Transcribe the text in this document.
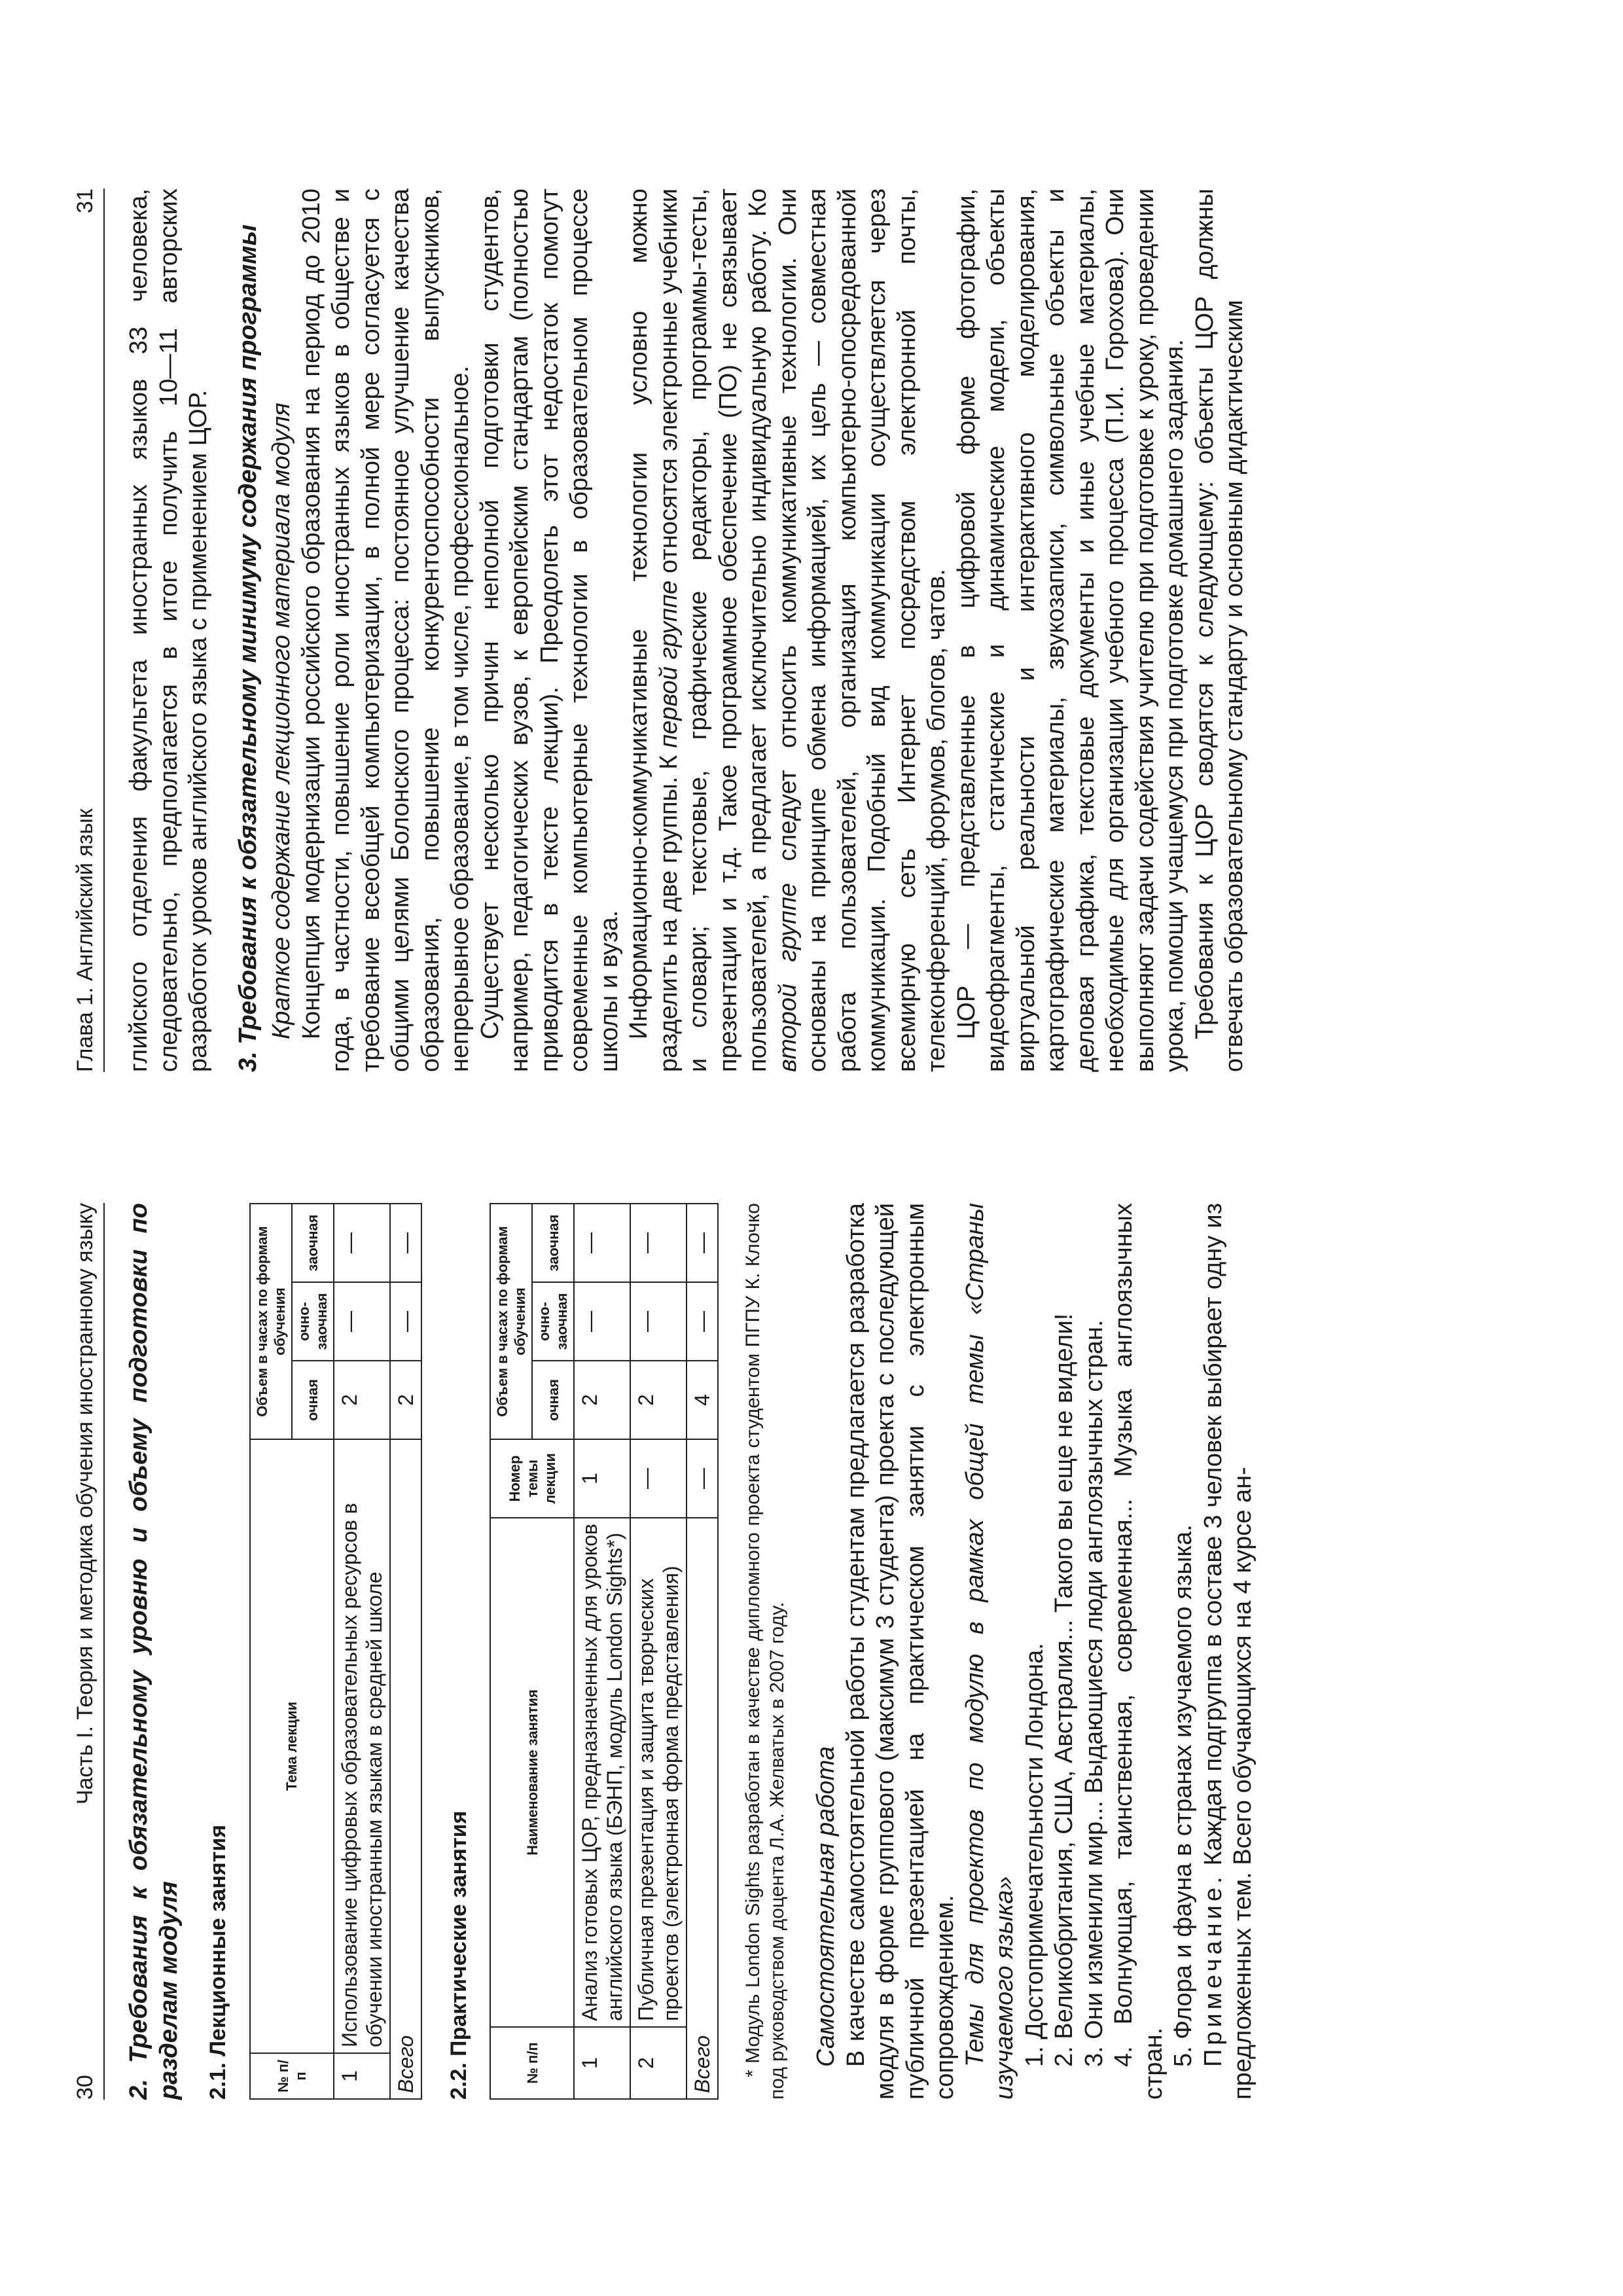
30
Часть I. Теория и методика обучения иностранному языку 2. Требования к обязательному уровню и объему подготовки по разделам модуля 2.1. Лекционные занятия	№ п/п	Тема лекции	Объем в часах по формам обучения		
		очная	очно-заочная	заочная
1	Использование цифровых образовательных ресурсов в обучении иностранным языкам в средней школе	2	—	—
Всего		2	—	—

2.2. Практические занятия	№ п/п	Наименование занятия	Номер темы лекции	Объем в часах по формам обучения		
			очная	очно-заочная	заочная
1	Анализ готовых ЦОР, предназначенных для уроков английского языка (БЭНП, модуль London Sights*)	1	2	—	—
2	Публичная презентация и защита творческих проектов (электронная форма представления)	—	2	—	—
Всего		—	4	—	— * Модуль London Sights разработан в качестве дипломного проекта студентом ПГПУ К. Клочко под руководством доцента Л.А. Желватых в 2007 году. Самостоятельная работа В качестве самостоятельной работы студентам предлагается разработка модуля в форме группового (максимум 3 студента) проекта с последующей публичной презентацией на практическом занятии с электронным сопровождением. Темы для проектов по модулю в рамках общей темы «Страны изучаемого языка» 1. Достопримечательности Лондона. 2. Великобритания, США, Австралия... Такого вы еще не видели! 3. Они изменили мир... Выдающиеся люди англоязычных стран. 4. Волнующая, таинственная, современная... Музыка англоязычных стран. 5. Флора и фауна в странах изучаемого языка. Примечание. Каждая подгруппа в составе 3 человек выбирает одну из предложенных тем. Всего обучающихся на 4 курсе ан-

Глава 1. Английский язык
31 глийского отделения факультета иностранных языков 33 человека, следовательно, предполагается в итоге получить 10—11 авторских разработок уроков английского языка с применением ЦОР. 3. Требования к обязательному минимуму содержания программы Краткое содержание лекционного материала модуля Концепция модернизации российского образования на период до 2010 года, в частности, повышение роли иностранных языков в обществе и требование всеобщей компьютеризации, в полной мере согласуется с общими целями Болонского процесса: постоянное улучшение качества образования, повышение конкурентоспособности выпускников, непрерывное образование, в том числе, профессиональное. Существует несколько причин неполной подготовки студентов, например, педагогических вузов, к европейским стандартам (полностью приводится в тексте лекции). Преодолеть этот недостаток помогут современные компьютерные технологии в образовательном процессе школы и вуза. Информационно-коммуникативные технологии условно можно разделить на две группы. К первой группе относятся электронные учебники и словари; текстовые, графические редакторы, программы-тесты, презентации и т.д. Такое программное обеспечение (ПО) не связывает пользователей, а предлагает исключительно индивидуальную работу. Ко второй группе следует относить коммуникативные технологии. Они основаны на принципе обмена информацией, их цель — совместная работа пользователей, организация компьютерно-опосредованной коммуникации. Подобный вид коммуникации осуществляется через всемирную сеть Интернет посредством электронной почты, телеконференций, форумов, блогов, чатов. ЦОР — представленные в цифровой форме фотографии, видеофрагменты, статические и динамические модели, объекты виртуальной реальности и интерактивного моделирования, картографические материалы, звукозаписи, символьные объекты и деловая графика, текстовые документы и иные учебные материалы, необходимые для организации учебного процесса (П.И. Горохова). Они выполняют задачи содействия учителю при подготовке к уроку, проведении урока, помощи учащемуся при подготовке домашнего задания. Требования к ЦОР сводятся к следующему: объекты ЦОР должны отвечать образовательному стандарту и основным дидактическим
